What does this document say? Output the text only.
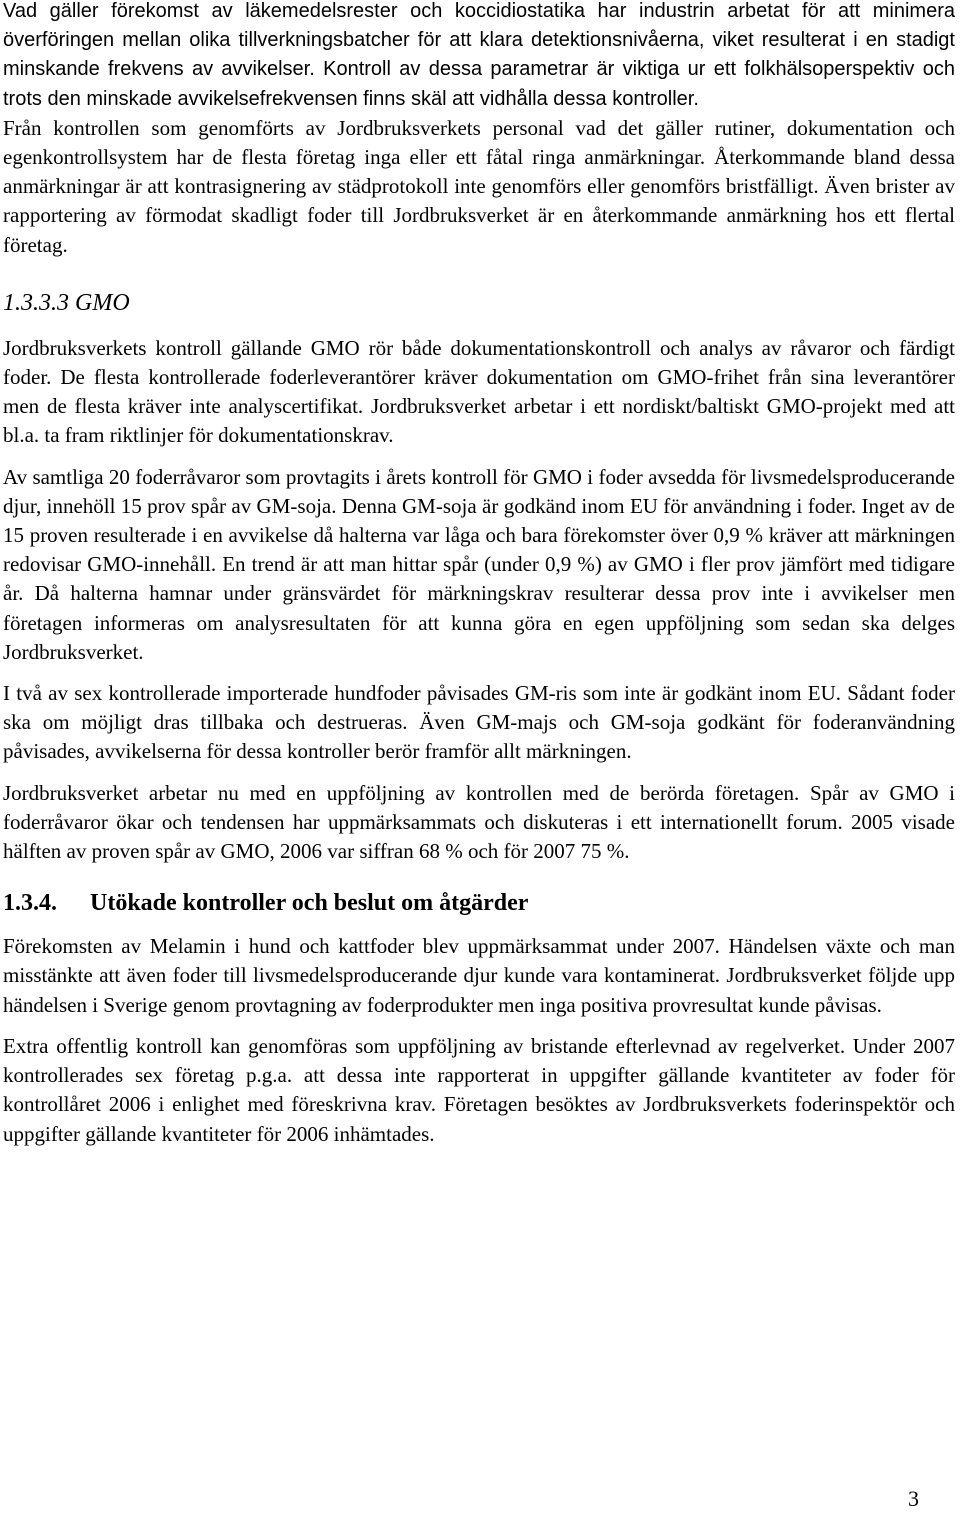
Vad gäller förekomst av läkemedelsrester och koccidiostatika har industrin arbetat för att minimera överföringen mellan olika tillverkningsbatcher för att klara detektionsnivåerna, viket resulterat i en stadigt minskande frekvens av avvikelser. Kontroll av dessa parametrar är viktiga ur ett folkhälsoperspektiv och trots den minskade avvikelsefrekvensen finns skäl att vidhålla dessa kontroller.

Från kontrollen som genomförts av Jordbruksverkets personal vad det gäller rutiner, dokumentation och egenkontrollsystem har de flesta företag inga eller ett fåtal ringa anmärkningar. Återkommande bland dessa anmärkningar är att kontrasignering av städprotokoll inte genomförs eller genomförs bristfälligt. Även brister av rapportering av förmodat skadligt foder till Jordbruksverket är en återkommande anmärkning hos ett flertal företag.

1.3.3.3 GMO

Jordbruksverkets kontroll gällande GMO rör både dokumentationskontroll och analys av råvaror och färdigt foder. De flesta kontrollerade foderleverantörer kräver dokumentation om GMO-frihet från sina leverantörer men de flesta kräver inte analyscertifikat. Jordbruksverket arbetar i ett nordiskt/baltiskt GMO-projekt med att bl.a. ta fram riktlinjer för dokumentationskrav.

Av samtliga 20 foderråvaror som provtagits i årets kontroll för GMO i foder avsedda för livsmedelsproducerande djur, innehöll 15 prov spår av GM-soja. Denna GM-soja är godkänd inom EU för användning i foder. Inget av de 15 proven resulterade i en avvikelse då halterna var låga och bara förekomster över 0,9 % kräver att märkningen redovisar GMO-innehåll. En trend är att man hittar spår (under 0,9 %) av GMO i fler prov jämfört med tidigare år. Då halterna hamnar under gränsvärdet för märkningskrav resulterar dessa prov inte i avvikelser men företagen informeras om analysresultaten för att kunna göra en egen uppföljning som sedan ska delges Jordbruksverket.

I två av sex kontrollerade importerade hundfoder påvisades GM-ris som inte är godkänt inom EU. Sådant foder ska om möjligt dras tillbaka och destrueras. Även GM-majs och GM-soja godkänt för foderanvändning påvisades, avvikelserna för dessa kontroller berör framför allt märkningen.

Jordbruksverket arbetar nu med en uppföljning av kontrollen med de berörda företagen. Spår av GMO i foderråvaror ökar och tendensen har uppmärksammats och diskuteras i ett internationellt forum. 2005 visade hälften av proven spår av GMO, 2006 var siffran 68 % och för 2007 75 %.

1.3.4. Utökade kontroller och beslut om åtgärder

Förekomsten av Melamin i hund och kattfoder blev uppmärksammat under 2007. Händelsen växte och man misstänkte att även foder till livsmedelsproducerande djur kunde vara kontaminerat. Jordbruksverket följde upp händelsen i Sverige genom provtagning av foderprodukter men inga positiva provresultat kunde påvisas.

Extra offentlig kontroll kan genomföras som uppföljning av bristande efterlevnad av regelverket. Under 2007 kontrollerades sex företag p.g.a. att dessa inte rapporterat in uppgifter gällande kvantiteter av foder för kontrollåret 2006 i enlighet med föreskrivna krav. Företagen besöktes av Jordbruksverkets foderinspektör och uppgifter gällande kvantiteter för 2006 inhämtades.

3
